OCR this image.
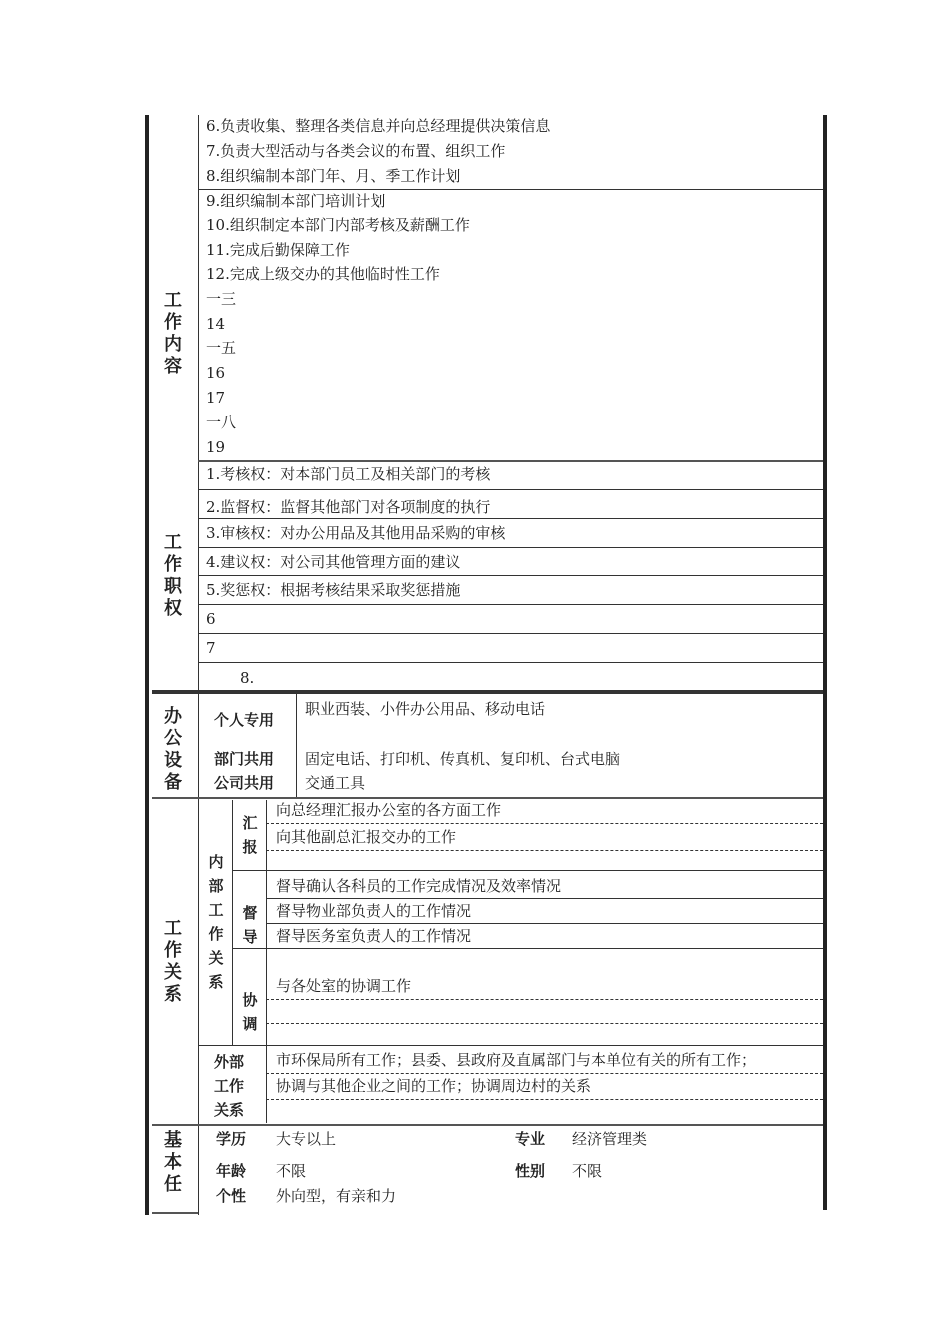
工作内容
6.负责收集、整理各类信息并向总经理提供决策信息
7.负责大型活动与各类会议的布置、组织工作
8.组织编制本部门年、月、季工作计划
9.组织编制本部门培训计划
10.组织制定本部门内部考核及薪酬工作
11.完成后勤保障工作
12.完成上级交办的其他临时性工作
一三
14
一五
16
17
一八
19
工作职权
1.考核权：对本部门员工及相关部门的考核
2.监督权：监督其他部门对各项制度的执行
3.审核权：对办公用品及其他用品采购的审核
4.建议权：对公司其他管理方面的建议
5.奖惩权：根据考核结果采取奖惩措施
6
7
8.
办公设备
个人专用
职业西装、小件办公用品、移动电话
部门共用 固定电话、打印机、传真机、复印机、台式电脑
公司共用 交通工具
工作关系
内部工作关系
汇报
向总经理汇报办公室的各方面工作
向其他副总汇报交办的工作
督导
督导确认各科员的工作完成情况及效率情况
督导物业部负责人的工作情况
督导医务室负责人的工作情况
协调
与各处室的协调工作
外部工作关系
市环保局所有工作；县委、县政府及直属部门与本单位有关的所有工作；
协调与其他企业之间的工作；协调周边村的关系
基本任
学历 大专以上	专业 经济管理类
年龄 不限	性别 不限
个性 外向型，有亲和力
